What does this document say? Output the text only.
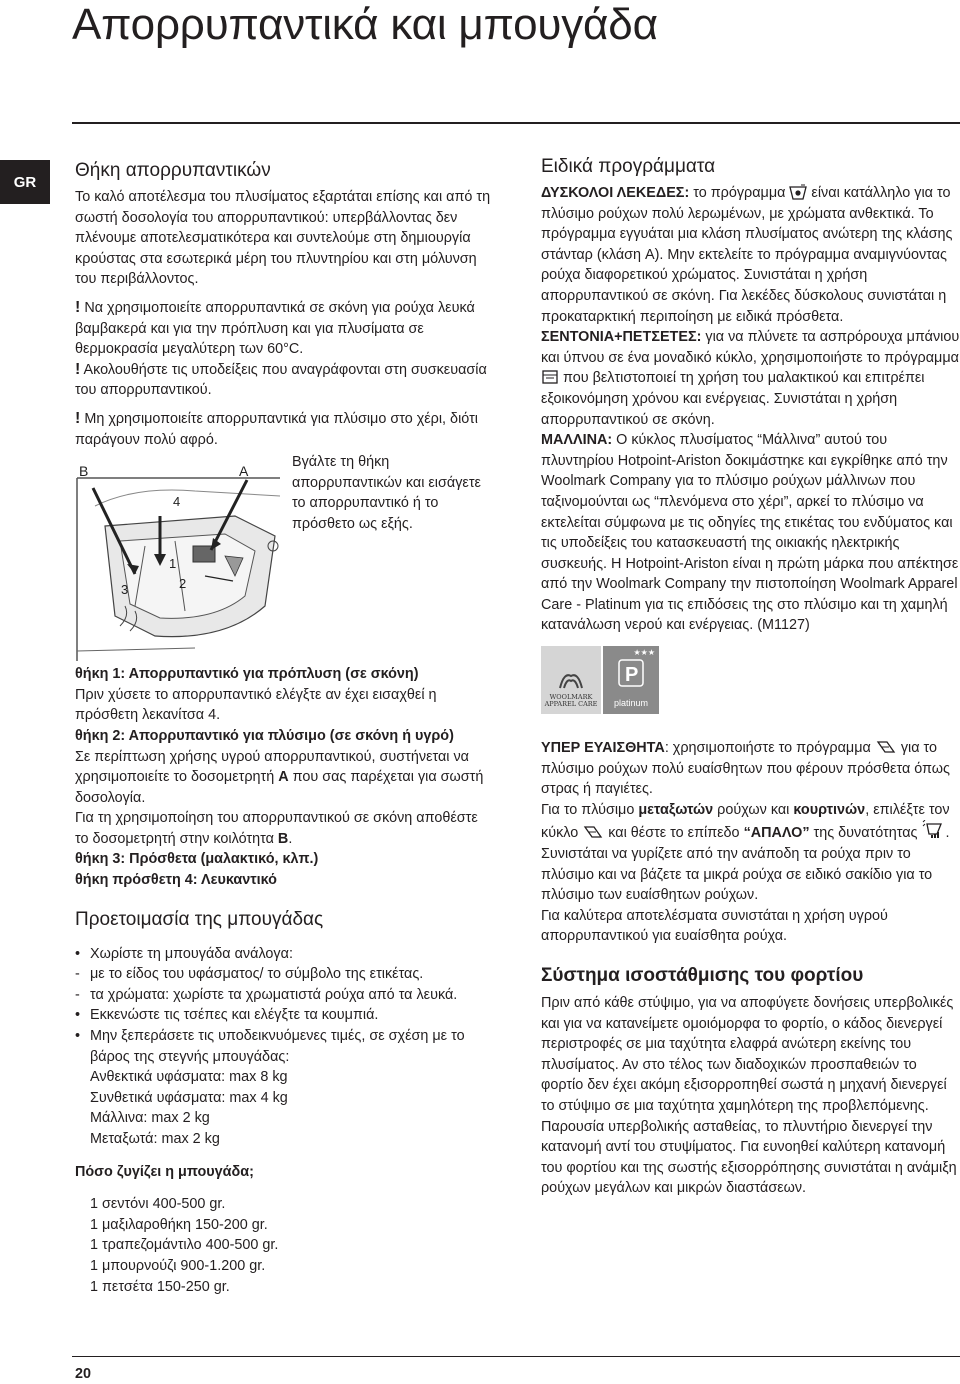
Απορρυπαντικά και μπουγάδα
GR
Θήκη απορρυπαντικών

Το καλό αποτέλεσμα του πλυσίματος εξαρτάται επίσης και από τη σωστή δοσολογία του απορρυπαντικού: υπερβάλλοντας δεν πλένουμε αποτελεσματικότερα και συντελούμε στη δημιουργία κρούστας στα εσωτερικά μέρη του πλυντηρίου και στη μόλυνση του περιβάλλοντος.

! Να χρησιμοποιείτε απορρυπαντικά σε σκόνη για ρούχα λευκά βαμβακερά και για την πρόπλυση και για πλυσίματα σε θερμοκρασία μεγαλύτερη των 60°C.

! Ακολουθήστε τις υποδείξεις που αναγράφονται στη συσκευασία του απορρυπαντικού.

! Μη χρησιμοποιείτε απορρυπαντικά για πλύσιμο στο χέρι, διότι παράγουν πολύ αφρό.

B	A
4
1
2
3
Βγάλτε τη θήκη απορρυπαντικών και εισάγετε το απορρυπαντικό ή το πρόσθετο ως εξής.

θήκη 1: Απορρυπαντικό για πρόπλυση (σε σκόνη)

Πριν χύσετε το απορρυπαντικό ελέγξτε αν έχει εισαχθεί η πρόσθετη λεκανίτσα 4.

θήκη 2: Απορρυπαντικό για πλύσιμο (σε σκόνη ή υγρό)

Σε περίπτωση χρήσης υγρού απορρυπαντικού, συστήνεται να χρησιμοποιείτε το δοσομετρητή A που σας παρέχεται για σωστή δοσολογία.

Για τη χρησιμοποίηση του απορρυπαντικού σε σκόνη αποθέστε το δοσομετρητή στην κοιλότητα B.

θήκη 3: Πρόσθετα (μαλακτικό, κλπ.)

θήκη πρόσθετη 4: Λευκαντικό

Προετοιμασία της μπουγάδας
• Χωρίστε τη μπουγάδα ανάλογα:
- με το είδος του υφάσματος/ το σύμβολο της ετικέτας.
- τα χρώματα: χωρίστε τα χρωματιστά ρούχα από τα λευκά.
• Εκκενώστε τις τσέπες και ελέγξτε τα κουμπιά.
• Μην ξεπεράσετε τις υποδεικνυόμενες τιμές, σε σχέση με το βάρος της στεγνής μπουγάδας:
Ανθεκτικά υφάσματα: max 8 kg
Συνθετικά υφάσματα: max 4 kg
Μάλλινα: max 2 kg
Μεταξωτά: max 2 kg

Πόσο ζυγίζει η μπουγάδα;

1 σεντόνι 400-500 gr.
1 μαξιλαροθήκη 150-200 gr.
1 τραπεζομάντιλο 400-500 gr.
1 μπουρνούζι 900-1.200 gr.
1 πετσέτα 150-250 gr.
Ειδικά προγράμματα

ΔΥΣΚΟΛΟΙ ΛΕΚΕΔΕΣ: το πρόγραμμα  είναι κατάλληλο για το πλύσιμο ρούχων πολύ λερωμένων, με χρώματα ανθεκτικά. Το πρόγραμμα εγγυάται μια κλάση πλυσίματος ανώτερη της κλάσης στάνταρ (κλάση A). Μην εκτελείτε το πρόγραμμα αναμιγνύοντας ρούχα διαφορετικού χρώματος. Συνιστάται η χρήση απορρυπαντικού σε σκόνη. Για λεκέδες δύσκολους συνιστάται η προκαταρκτική περιποίηση με ειδικά πρόσθετα.

ΣΕΝΤΟΝΙΑ+ΠΕΤΣΕΤΕΣ: για να πλύνετε τα ασπρόρουχα μπάνιου και ύπνου σε ένα μοναδικό κύκλο, χρησιμοποιήστε το πρόγραμμα  που βελτιστοποιεί τη χρήση του μαλακτικού και επιτρέπει εξοικονόμηση χρόνου και ενέργειας. Συνιστάται η χρήση απορρυπαντικού σε σκόνη.

ΜΑΛΛΙΝΑ: Ο κύκλος πλυσίματος “Μάλλινα” αυτού του πλυντηρίου Hotpoint-Ariston δοκιμάστηκε και εγκρίθηκε από την Woolmark Company για το πλύσιμο ρούχων μάλλινων που ταξινομούνται ως “πλενόμενα στο χέρι”, αρκεί το πλύσιμο να εκτελείται σύμφωνα με τις οδηγίες της ετικέτας του ενδύματος και τις υποδείξεις του κατασκευαστή της οικιακής ηλεκτρικής συσκευής. Η Hotpoint-Ariston είναι η πρώτη μάρκα που απέκτησε από την Woolmark Company την πιστοποίηση Woolmark Apparel Care - Platinum για τις επιδόσεις της στο πλύσιμο και τη χαμηλή κατανάλωση νερού και ενέργειας. (M1127)

WOOLMARK
APPAREL CARE
★★★
P
platinum

ΥΠΕΡ ΕΥΑΙΣΘΗΤΑ: χρησιμοποιήστε το πρόγραμμα  για το πλύσιμο ρούχων πολύ ευαίσθητων που φέρουν πρόσθετα όπως στρας ή παγιέτες.

Για το πλύσιμο μεταξωτών ρούχων και κουρτινών, επιλέξτε τον κύκλο  και θέστε το επίπεδο “ΑΠΑΛΟ” της δυνατότητας .

Συνιστάται να γυρίζετε από την ανάποδη τα ρούχα πριν το πλύσιμο και να βάζετε τα μικρά ρούχα σε ειδικό σακίδιο για το πλύσιμο των ευαίσθητων ρούχων.

Για καλύτερα αποτελέσματα συνιστάται η χρήση υγρού απορρυπαντικού για ευαίσθητα ρούχα.

Σύστημα ισοστάθμισης του φορτίου

Πριν από κάθε στύψιμο, για να αποφύγετε δονήσεις υπερβολικές και για να κατανείμετε ομοιόμορφα το φορτίο, ο κάδος διενεργεί περιστροφές σε μια ταχύτητα ελαφρά ανώτερη εκείνης του πλυσίματος. Αν στο τέλος των διαδοχικών προσπαθειών το φορτίο δεν έχει ακόμη εξισορροπηθεί σωστά η μηχανή διενεργεί το στύψιμο σε μια ταχύτητα χαμηλότερη της προβλεπόμενης. Παρουσία υπερβολικής ασταθείας, το πλυντήριο διενεργεί την κατανομή αντί του στυψίματος. Για ευνοηθεί καλύτερη κατανομή του φορτίου και της σωστής εξισορρόπησης συνιστάται η ανάμιξη ρούχων μεγάλων και μικρών διαστάσεων.

20
